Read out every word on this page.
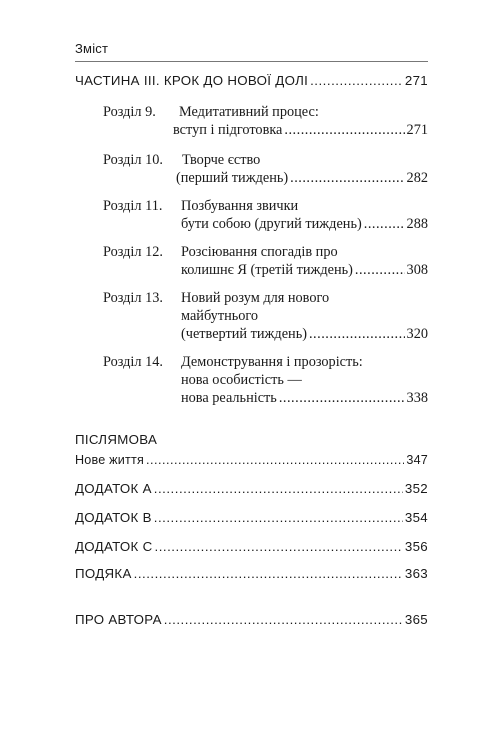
Зміст
ЧАСТИНА ІІІ. КРОК ДО НОВОЇ ДОЛІ .....	271
Розділ 9. Медитативний процес:
вступ і підготовка .....	271
Розділ 10. Творче єство
(перший тиждень) .....	282
Розділ 11. Позбування звички
бути собою (другий тиждень) .....	288
Розділ 12. Розсіювання спогадів про
колишнє Я (третій тиждень) .....	308
Розділ 13. Новий розум для нового
майбутнього
(четвертий тиждень) .....	320
Розділ 14. Демонстрування і прозорість:
нова особистість —
нова реальність .....	338
ПІСЛЯМОВА
Нове життя .....	347
ДОДАТОК А .....	352
ДОДАТОК В .....	354
ДОДАТОК С .....	356
ПОДЯКА .....	363
ПРО АВТОРА .....	365
